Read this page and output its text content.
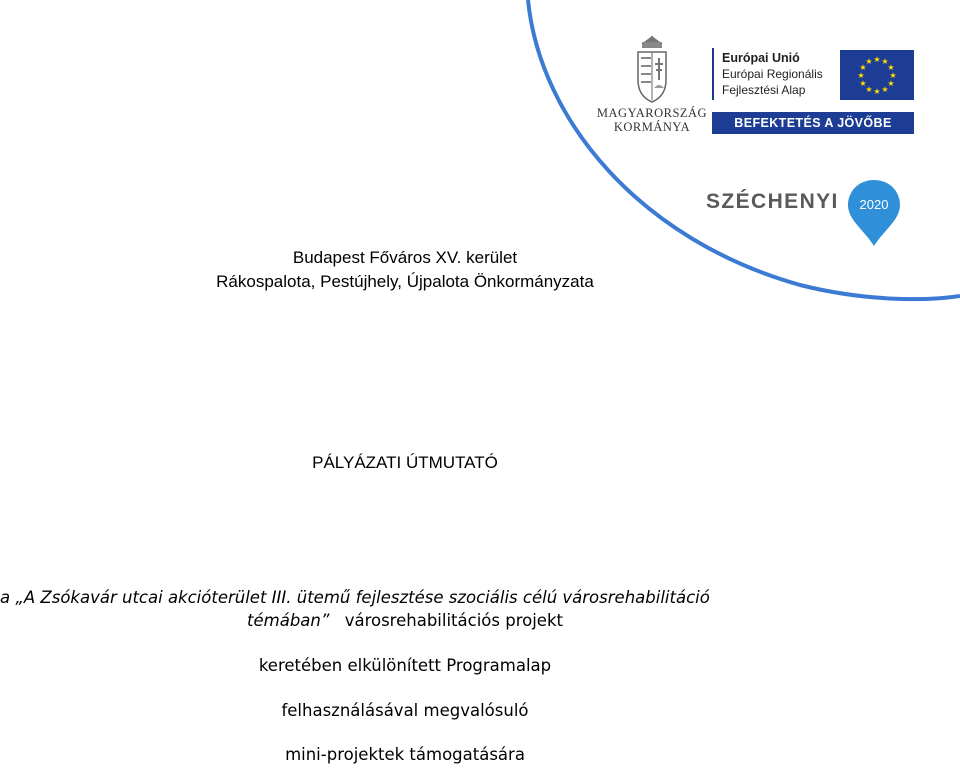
MAGYARORSZÁG
KORMÁNYA
Európai Unió
Európai Regionális
Fejlesztési Alap
★ ★
★
★
★
★
★
★
★
★
★
★
BEFEKTETÉS A JÖVŐBE
SZÉCHENYI 2020
Budapest Főváros XV. kerület
Rákospalota, Pestújhely, Újpalota Önkormányzata
PÁLYÁZATI ÚTMUTATÓ
a „A Zsókavár utcai akcióterület III. ütemű fejlesztése szociális célú városrehabilitáció
témában” városrehabilitációs projekt
keretében elkülönített Programalap
felhasználásával megvalósuló
mini-projektek támogatására
